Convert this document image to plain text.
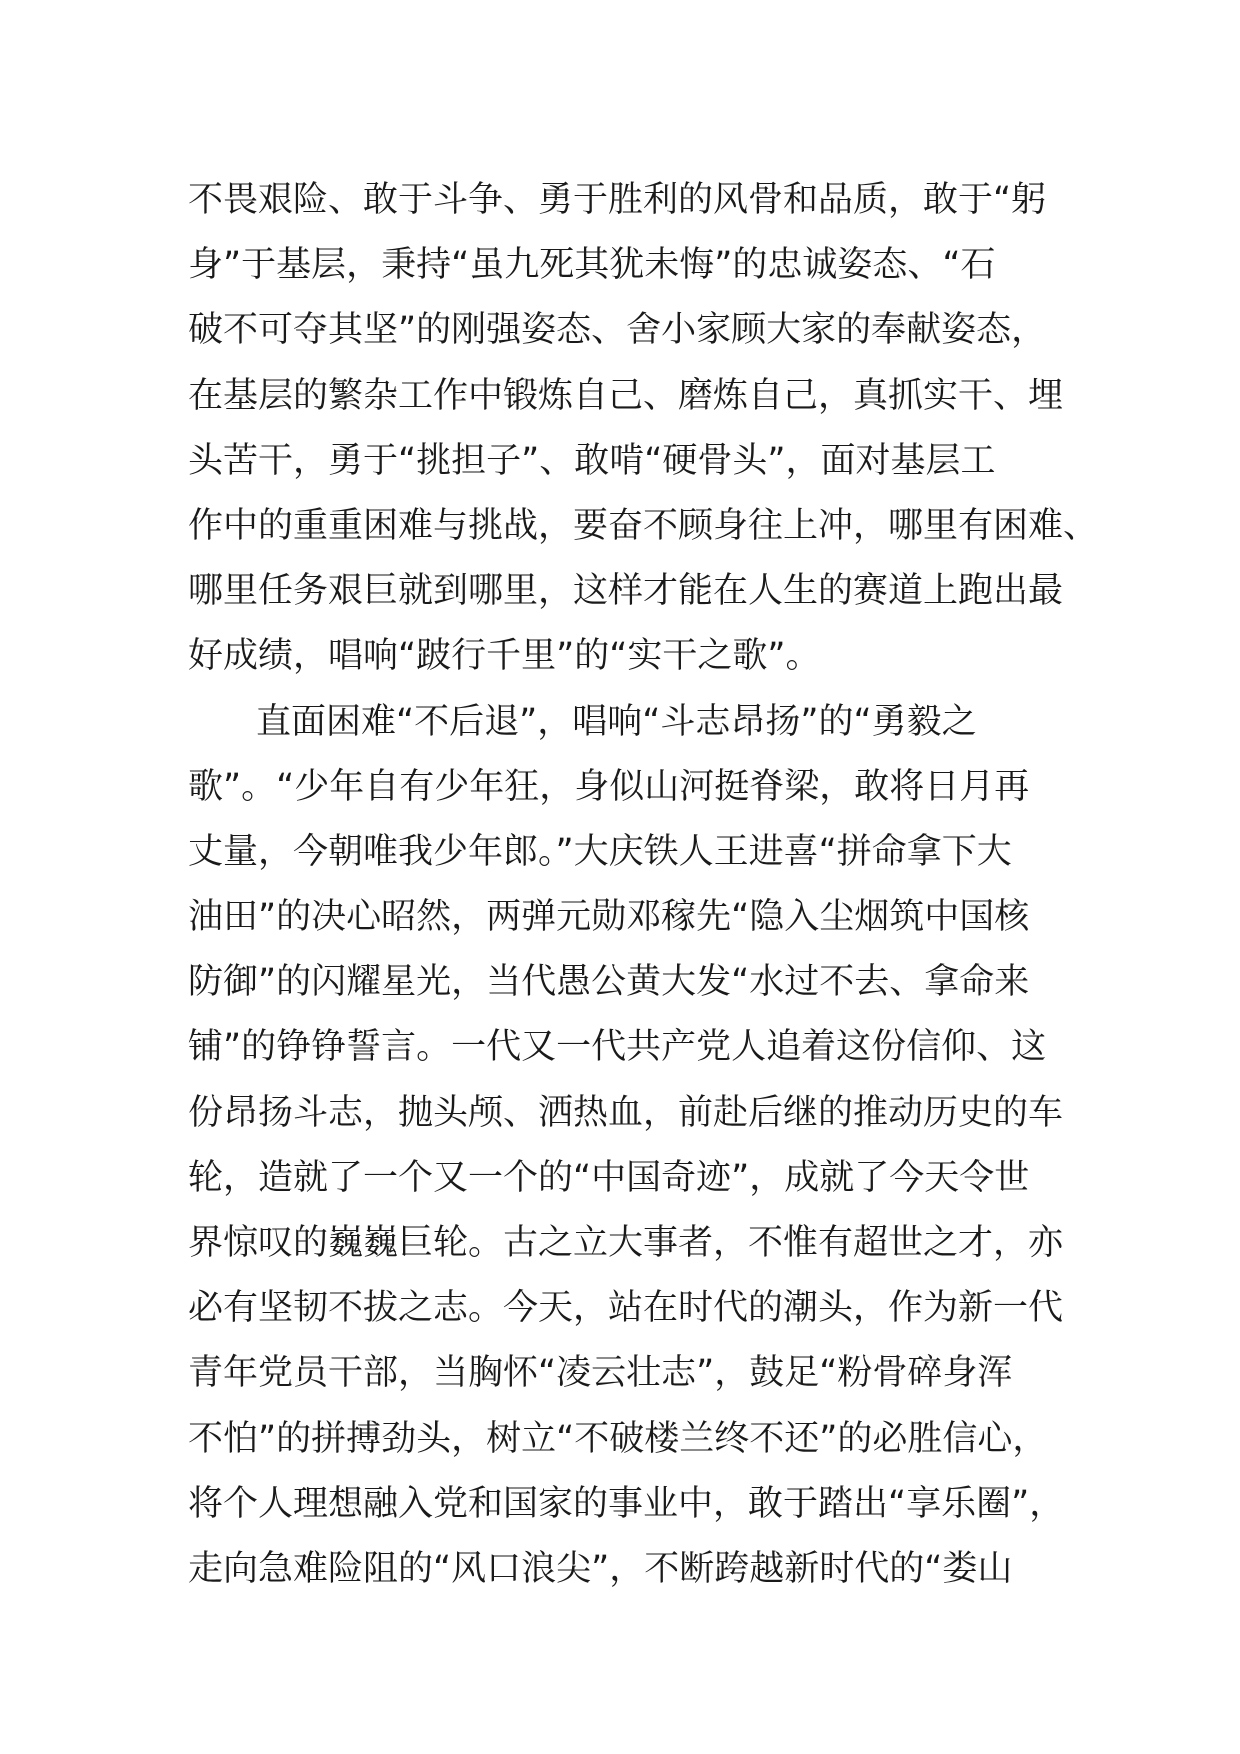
不畏艰险、敢于斗争、勇于胜利的风骨和品质，敢于“躬
身”于基层，秉持“虽九死其犹未悔”的忠诚姿态、“石
破不可夺其坚”的刚强姿态、舍小家顾大家的奉献姿态，
在基层的繁杂工作中锻炼自己、磨炼自己，真抓实干、埋
头苦干，勇于“挑担子”、敢啃“硬骨头”，面对基层工
作中的重重困难与挑战，要奋不顾身往上冲，哪里有困难、
哪里任务艰巨就到哪里，这样才能在人生的赛道上跑出最
好成绩，唱响“跛行千里”的“实干之歌”。
直面困难“不后退”，唱响“斗志昂扬”的“勇毅之
歌”。“少年自有少年狂，身似山河挺脊梁，敢将日月再
丈量，今朝唯我少年郎。”大庆铁人王进喜“拼命拿下大
油田”的决心昭然，两弹元勋邓稼先“隐入尘烟筑中国核
防御”的闪耀星光，当代愚公黄大发“水过不去、拿命来
铺”的铮铮誓言。一代又一代共产党人追着这份信仰、这
份昂扬斗志，抛头颅、洒热血，前赴后继的推动历史的车
轮，造就了一个又一个的“中国奇迹”，成就了今天令世
界惊叹的巍巍巨轮。古之立大事者，不惟有超世之才，亦
必有坚韧不拔之志。今天，站在时代的潮头，作为新一代
青年党员干部，当胸怀“凌云壮志”，鼓足“粉骨碎身浑
不怕”的拼搏劲头，树立“不破楼兰终不还”的必胜信心，
将个人理想融入党和国家的事业中，敢于踏出“享乐圈”，
走向急难险阻的“风口浪尖”，不断跨越新时代的“娄山
